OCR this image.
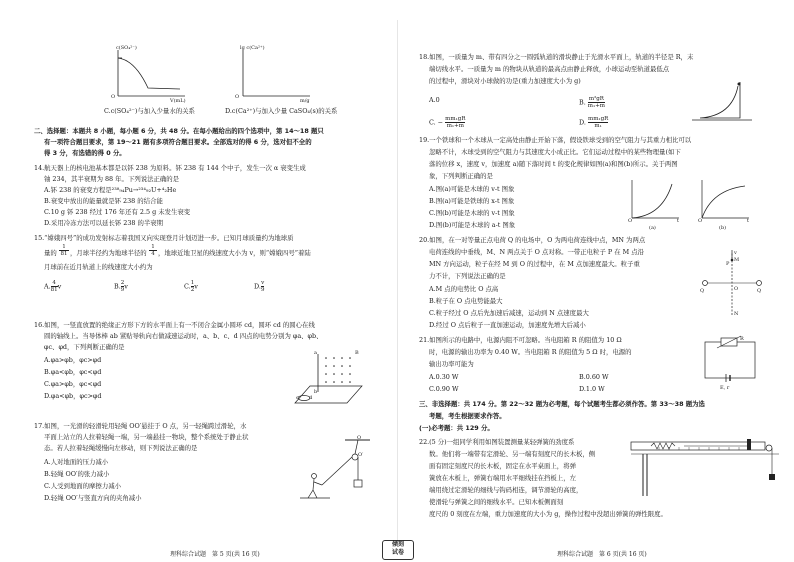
c(SO₄²⁻)
O
V(mL)
lg c(Ca²⁺)
O
m/g
C.c(SO₄²⁻)与加入少量水的关系	D.c(Ca²⁺)与加入少量 CaSO₄(s)的关系
二、选择题：本题共 8 小题，每小题 6 分，共 48 分。在每小题给出的四个选项中，第 14～18 题只
有一项符合题目要求，第 19～21 题有多项符合题目要求。全部选对的得 6 分，选对但不全的
得 3 分，有选错的得 0 分。
14.航天器上的核电池基本都是以钚 238 为原料。钚 238 有 144 个中子，发生一次 α 衰变生成
铀 234，其半衰期为 88 年。下列说法正确的是
A.钚 238 的衰变方程是²³⁸₉₄Pu→²³⁴₉₂U+⁴₂He
B.衰变中放出的能量就是钚 238 的结合能
C.10 g 钚 238 经过 176 年还有 2.5 g 未发生衰变
D.采用冷冻方法可以延长钚 238 的半衰期
15.“嫦娥四号”的成功发射标志着我国又向实现登月计划迈进一步。已知月球质量约为地球质
量的 $\frac{1}{81}$ ，月球半径约为地球半径的 $\frac{1}{4}$ ，地球近地卫星的线速度大小为 v，则“嫦娥四号”着陆
月球前在近月轨道上的线速度大小约为
A. $\frac{4}{81}$ v	B. $\frac{2}{9}$ v	C. $\frac{1}{2}$ v	D. $\frac{v}{9}$
16.如图，一竖直放置的绝缘正方形下方的水平面上有一不闭合金属小圆环 cd，圆环 cd 的圆心在线
圆的轴线上。当导体棒 ab 紧贴导轨向右做减速运动时，a、b、c、d 四点的电势分别为 φa、φb、
φc、φd，下列判断正确的是
A.φa>φb，φc>φd
B.φa<φb，φc<φd
C.φa>φb，φc<φd
D.φa<φb，φc>φd
a
b
c d
B
17.如图，一光滑的轻滑轮用轻绳 OO′悬挂于 O 点，另一轻绳跨过滑轮，水
平面上站立的人拉着轻绳一端，另一端悬挂一物块，整个系统处于静止状
态。若人拉着轻绳缓慢向左移动，则下列说法正确的是
A.人对地面的压力减小
B.轻绳 OO′的张力减小
C.人受到地面的摩擦力减小
D.轻绳 OO′与竖直方向的夹角减小
O
O′
理科综合试题　第 5 页(共 16 页)
18.如图，一质量为 m、带有四分之一圆弧轨道的滑块静止于光滑水平面上，轨道的半径是 R，末
端切线水平。一质量为 m 的物块从轨道的最高点由静止释放，小球运动至轨道最低点
的过程中，滑块对小球做的功是(重力加速度大小为 g)
A.0	B. $\frac{\text{m²gR}}{\text{m₁+m}}$
C. − $\frac{\text{mm₁gR}}{\text{m₁+m}}$	D. $\frac{\text{mm₁gR}}{\text{m₁}}$
19.一个铁球和一个木球从一定高处由静止开始下落，假设铁球受到的空气阻力与其重力相比可以
忽略不计，木球受到的空气阻力与其速度大小成正比。它们运动过程中的某些物理量(如下
落的位移 x，速度 v，加速度 a)随下落时间 t 的变化规律如图(a)和图(b)所示。关于两图
象，下列判断正确的是
A.图(a)可能是木球的 v-t 图象
B.图(a)可能是铁球的 x-t 图象
C.图(b)可能是木球的 v-t 图象
D.图(b)可能是木球的 a-t 图象	O	t
(a)
O	t
(b)
20.如图，在一对等量正点电荷 Q 的电场中，O 为两电荷连线中点，MN 为两点
电荷连线的中垂线，M、N 两点关于 O 点对称。一带正电粒子 P 在 M 点沿
MN 方向运动，粒子在经 M 到 O 的过程中，在 M 点加速度最大。粒子重
力不计，下列说法正确的是
A.M 点的电势比 O 点高
B.粒子在 O 点电势能最大
C.粒子经过 O 点后先加速后减速，运动到 N 点速度最大
D.经过 O 点后粒子一直加速运动，加速度先增大后减小
M
O
N
Q	Q
P
v
21.如图所示的电路中，电源内阻不可忽略。当电阻箱 R 的阻值为 10 Ω
时，电源的输出功率为 0.40 W。当电阻箱 R 的阻值为 5 Ω 时，电源的
输出功率可能为
A.0.30 W	B.0.60 W
C.0.90 W	D.1.0 W
R
E, r
三、非选择题：共 174 分。第 22～32 题为必考题，每个试题考生都必须作答。第 33～38 题为选
考题，考生根据要求作答。
(一)必考题：共 129 分。
22.(5 分)一组同学利用如图装置测量某轻弹簧的劲度系
数。他们将一端带有定滑轮、另一端有刻度尺的长木板，侧
面有固定刻度尺的长木板，固定在水平桌面上，将弹
簧放在木板上，弹簧右端用水平细线挂在挡板上，左
端用绕过定滑轮的细线与钩码相连，调节滑轮的高度，
使滑轮与弹簧之间的细线水平。已知木板侧面刻
度尺的 0 刻度在左端，重力加速度的大小为 g，操作过程中没超出弹簧的弹性限度。
理科综合试题　第 6 页(共 16 页)
倾刻
试卷
